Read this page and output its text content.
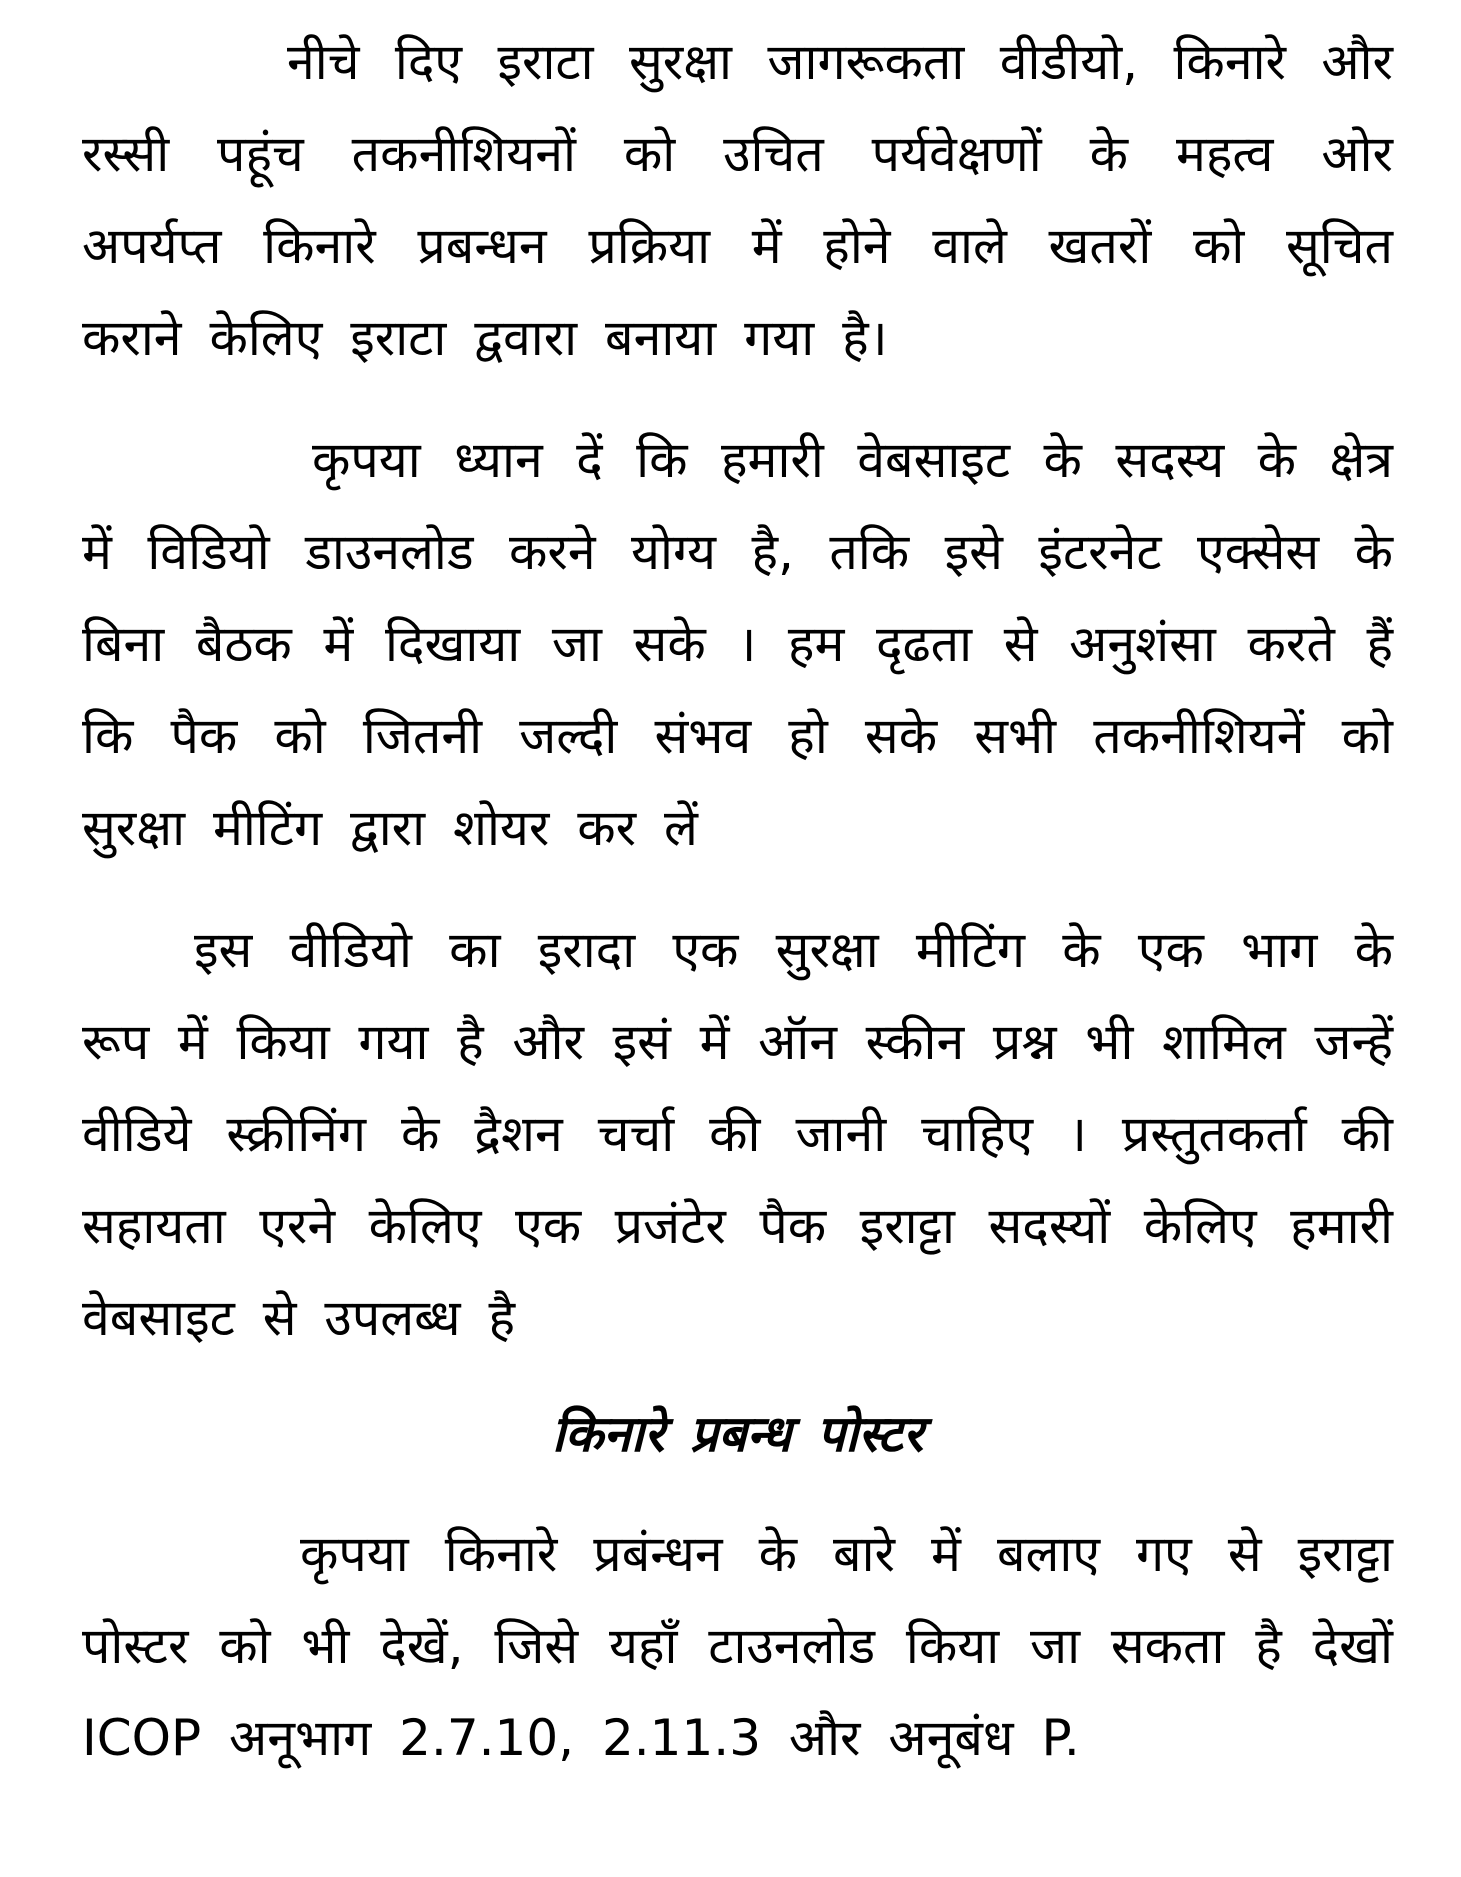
नीचे दिए इराटा सुरक्षा जागरूकता वीडीयो, किनारे और रस्सी पहूंच तकनीशियनों को उचित पर्यवेक्षणों के महत्व ओर अपर्यप्त किनारे प्रबन्धन प्रक्रिया में होने वाले खतरों को सूचित कराने केलिए इराटा द्ववारा बनाया गया है।

कृपया ध्यान दें कि हमारी वेबसाइट के सदस्य के क्षेत्र में विडियो डाउनलोड करने योग्य है, तकि इसे इंटरनेट एक्सेस के बिना बैठक में दिखाया जा सके । हम दृढता से अनुशंसा करते हैं कि पैक को जितनी जल्दी संभव हो सके सभी तकनीशियनें को सुरक्षा मीटिंग द्वारा शोयर कर लें

इस वीडियो का इरादा एक सुरक्षा मीटिंग के एक भाग के रूप में किया गया है और इसं में ऑन स्कीन प्रश्न भी शामिल जन्हें वीडिये स्क्रीनिंग के द्रैशन चर्चा की जानी चाहिए । प्रस्तुतकर्ता की सहायता एरने केलिए एक प्रजंटेर पैक इराट्टा सदस्यों केलिए हमारी वेबसाइट से उपलब्ध है

किनारे प्रबन्ध पोस्टर

कृपया किनारे प्रबंन्धन के बारे में बलाए गए से इराट्टा पोस्टर को भी देखें, जिसे यहॉं टाउनलोड किया जा सकता है देखों ICOP अनूभाग 2.7.10, 2.11.3 और अनूबंध P.
